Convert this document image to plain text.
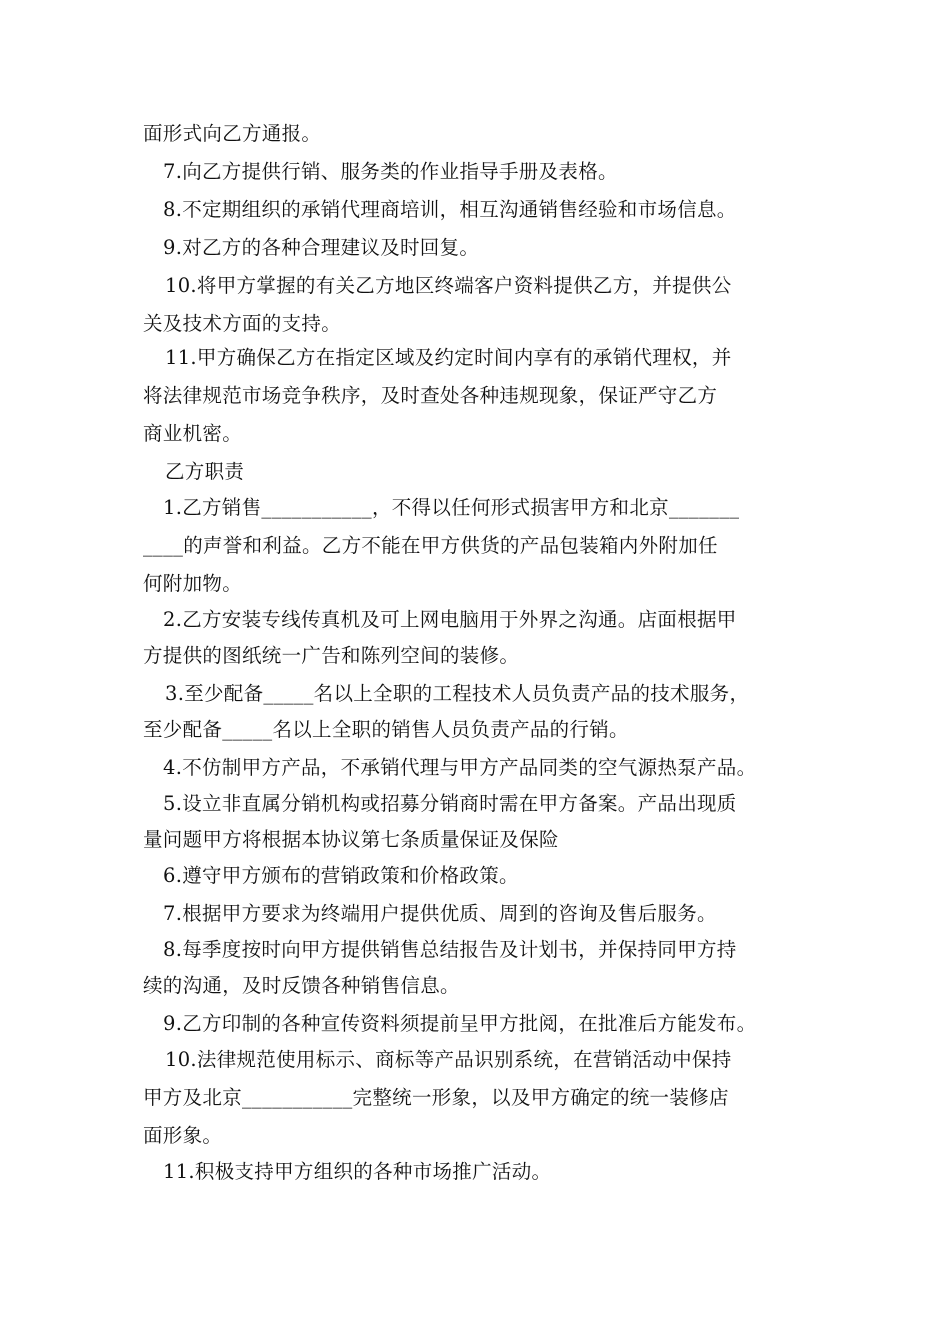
面形式向乙方通报。
7.向乙方提供行销、服务类的作业指导手册及表格。
8.不定期组织的承销代理商培训，相互沟通销售经验和市场信息。
9.对乙方的各种合理建议及时回复。
10.将甲方掌握的有关乙方地区终端客户资料提供乙方，并提供公
关及技术方面的支持。
11.甲方确保乙方在指定区域及约定时间内享有的承销代理权，并
将法律规范市场竞争秩序，及时查处各种违规现象，保证严守乙方
商业机密。
乙方职责
1.乙方销售___________，不得以任何形式损害甲方和北京_______
____的声誉和利益。乙方不能在甲方供货的产品包装箱内外附加任
何附加物。
2.乙方安装专线传真机及可上网电脑用于外界之沟通。店面根据甲
方提供的图纸统一广告和陈列空间的装修。
3.至少配备_____名以上全职的工程技术人员负责产品的技术服务，
至少配备_____名以上全职的销售人员负责产品的行销。
4.不仿制甲方产品，不承销代理与甲方产品同类的空气源热泵产品。
5.设立非直属分销机构或招募分销商时需在甲方备案。产品出现质
量问题甲方将根据本协议第七条质量保证及保险
6.遵守甲方颁布的营销政策和价格政策。
7.根据甲方要求为终端用户提供优质、周到的咨询及售后服务。
8.每季度按时向甲方提供销售总结报告及计划书，并保持同甲方持
续的沟通，及时反馈各种销售信息。
9.乙方印制的各种宣传资料须提前呈甲方批阅，在批准后方能发布。
10.法律规范使用标示、商标等产品识别系统，在营销活动中保持
甲方及北京___________完整统一形象，以及甲方确定的统一装修店
面形象。
11.积极支持甲方组织的各种市场推广活动。
